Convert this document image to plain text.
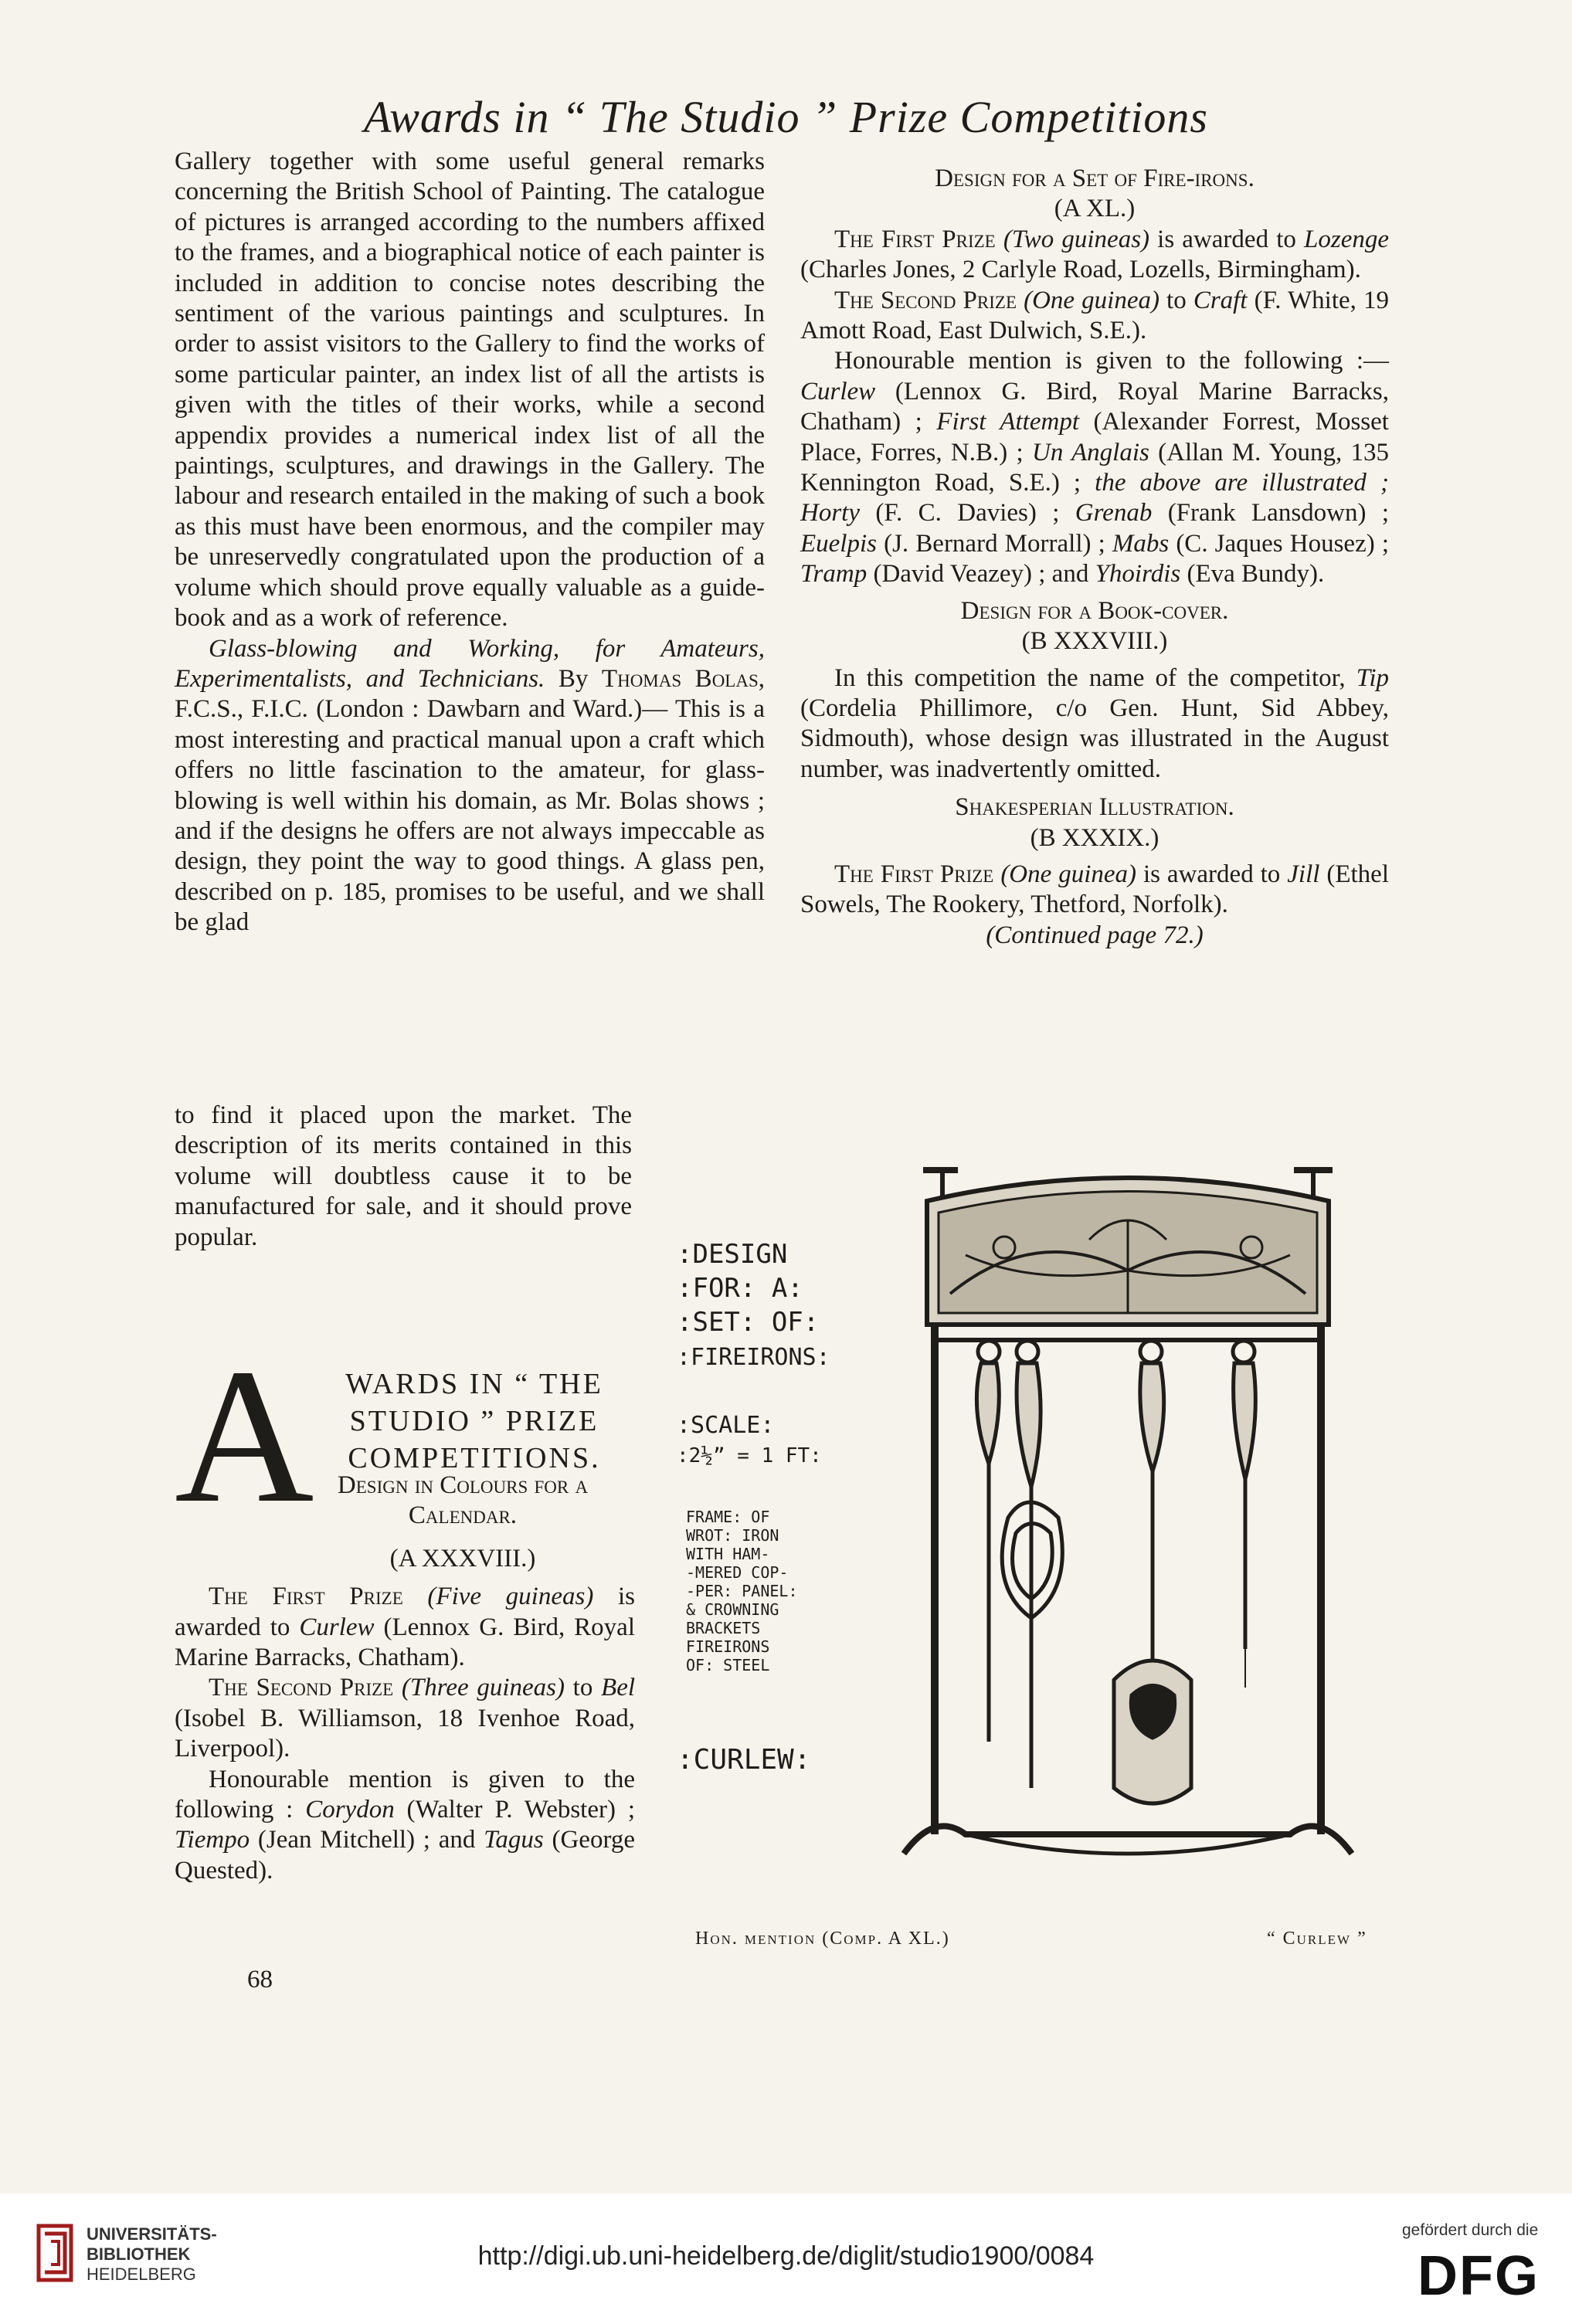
Awards in “ The Studio ” Prize Competitions

Gallery together with some useful general remarks concerning the British School of Painting. The catalogue of pictures is arranged according to the numbers affixed to the frames, and a biographical notice of each painter is included in addition to concise notes describing the sentiment of the various paintings and sculptures. In order to assist visitors to the Gallery to find the works of some particular painter, an index list of all the artists is given with the titles of their works, while a second appendix provides a numerical index list of all the paintings, sculptures, and drawings in the Gallery. The labour and research entailed in the making of such a book as this must have been enormous, and the compiler may be unreservedly congratulated upon the production of a volume which should prove equally valuable as a guide-book and as a work of reference.

Glass-blowing and Working, for Amateurs, Experimentalists, and Technicians. By Thomas Bolas, F.C.S., F.I.C. (London : Dawbarn and Ward.)— This is a most interesting and practical manual upon a craft which offers no little fascination to the amateur, for glass-blowing is well within his domain, as Mr. Bolas shows ; and if the designs he offers are not always impeccable as design, they point the way to good things. A glass pen, described on p. 185, promises to be useful, and we shall be glad

to find it placed upon the market. The description of its merits contained in this volume will doubtless cause it to be manufactured for sale, and it should prove popular.

A	WARDS IN “ THE STUDIO ” PRIZE COMPETITIONS.

Design in Colours for a Calendar.

(A XXXVIII.)

The First Prize (Five guineas) is awarded to Curlew (Lennox G. Bird, Royal Marine Barracks, Chatham).

The Second Prize (Three guineas) to Bel (Isobel B. Williamson, 18 Ivenhoe Road, Liverpool).

Honourable mention is given to the following : Corydon (Walter P. Webster) ; Tiempo (Jean Mitchell) ; and Tagus (George Quested).

68

Design for a Set of Fire-irons.

(A XL.)

The First Prize (Two guineas) is awarded to Lozenge (Charles Jones, 2 Carlyle Road, Lozells, Birmingham).

The Second Prize (One guinea) to Craft (F. White, 19 Amott Road, East Dulwich, S.E.).

Honourable mention is given to the following :— Curlew (Lennox G. Bird, Royal Marine Barracks, Chatham) ; First Attempt (Alexander Forrest, Mosset Place, Forres, N.B.) ; Un Anglais (Allan M. Young, 135 Kennington Road, S.E.) ; the above are illustrated ; Horty (F. C. Davies) ; Grenab (Frank Lansdown) ; Euelpis (J. Bernard Morrall) ; Mabs (C. Jaques Housez) ; Tramp (David Veazey) ; and Yhoirdis (Eva Bundy).

Design for a Book-cover.

(B XXXVIII.)

In this competition the name of the competitor, Tip (Cordelia Phillimore, c/o Gen. Hunt, Sid Abbey, Sidmouth), whose design was illustrated in the August number, was inadvertently omitted.

Shakesperian Illustration.

(B XXXIX.)

The First Prize (One guinea) is awarded to Jill (Ethel Sowels, The Rookery, Thetford, Norfolk).

(Continued page 72.)

:DESIGN
:FOR: A:
:SET: OF:
:FIREIRONS:
:SCALE:
:2½” = 1 FT:
FRAME: OF
WROT: IRON
WITH HAM-
-MERED COP-
-PER: PANEL:
& CROWNING
BRACKETS
FIREIRONS
OF: STEEL
:CURLEW:
Hon. mention (Comp. A XL.)	“ Curlew ”
UNIVERSITÄTS-
BIBLIOTHEK
HEIDELBERG
http://digi.ub.uni-heidelberg.de/diglit/studio1900/0084
gefördert durch die
DFG
